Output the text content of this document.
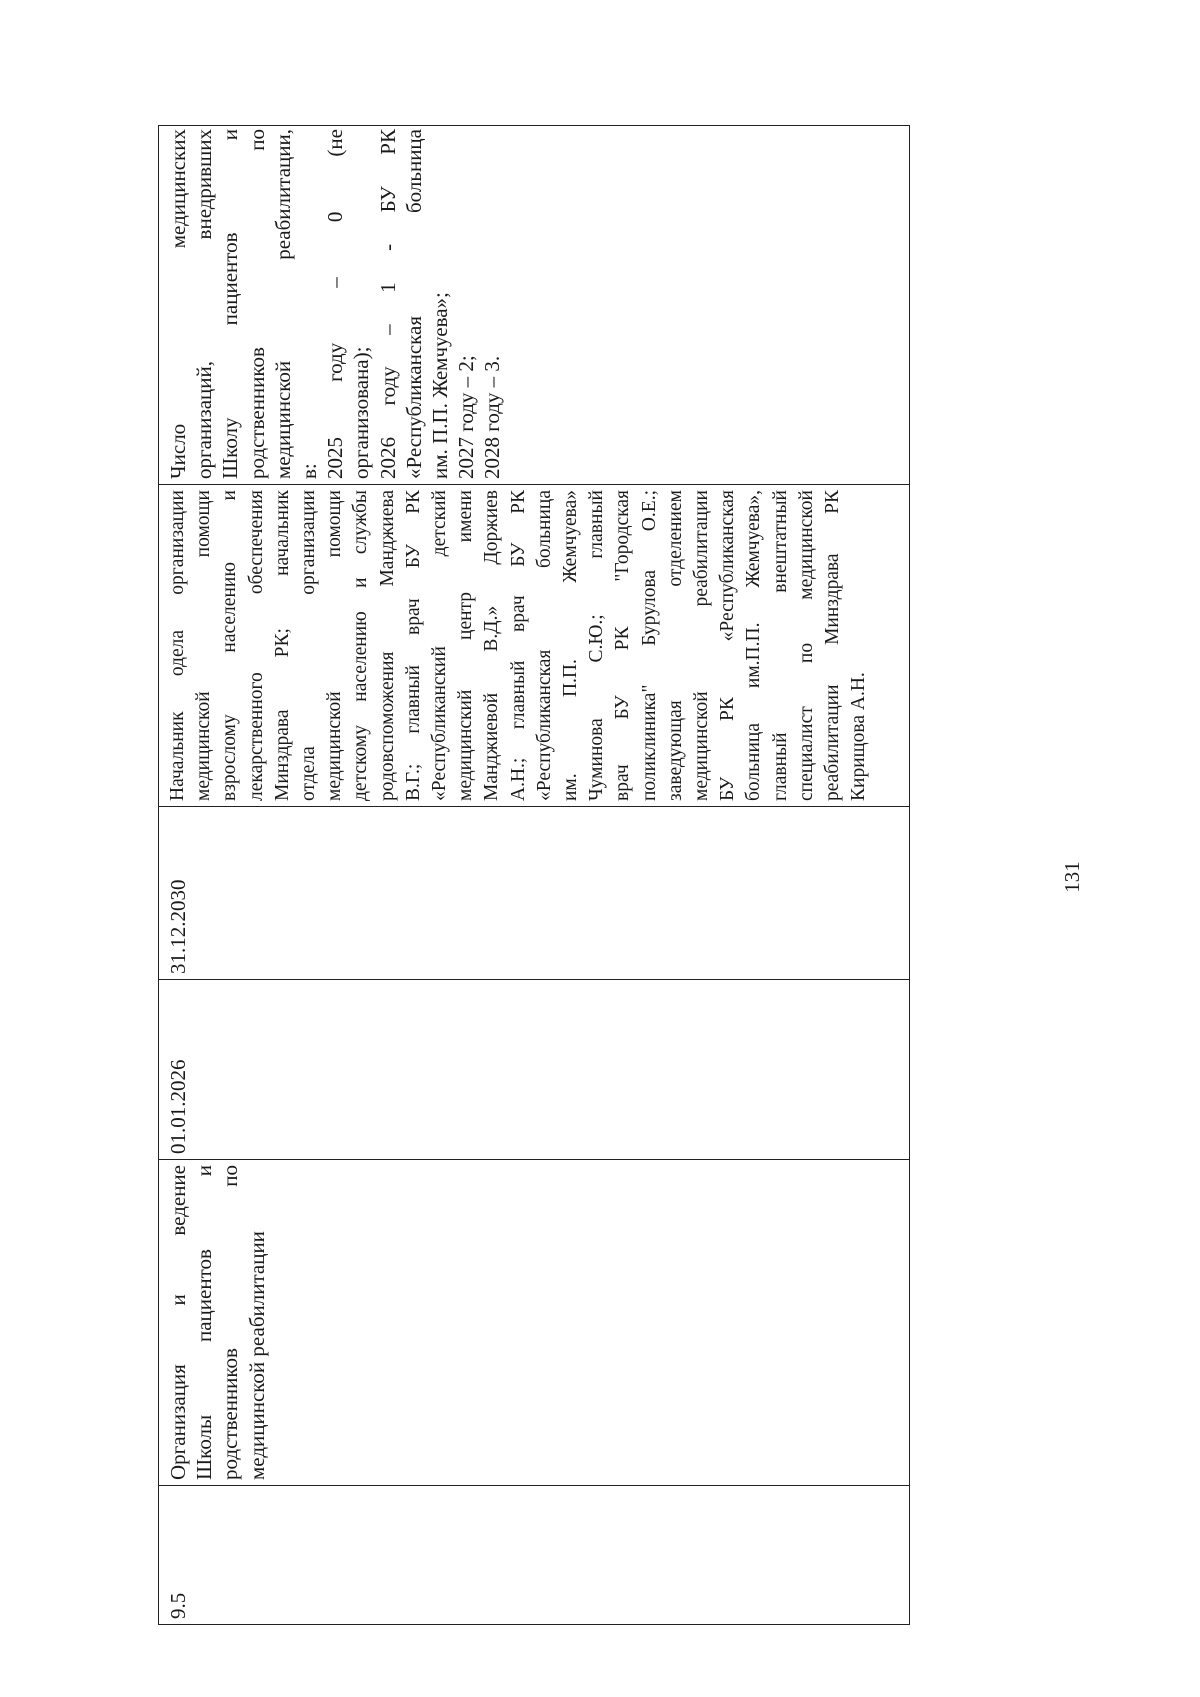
9.5
Организация и ведение Школы пациентов и родственников по медицинской реабилитации
01.01.2026
31.12.2030
Начальник одела организации медицинской помощи взрослому населению и лекарственного обеспечения Минздрава РК; начальник отдела организации медицинской помощи детскому населению и службы родовспоможения Манджиева В.Г.; главный врач БУ РК «Республиканский детский медицинский центр имени Манджиевой В.Д.» Доржиев А.Н.; главный врач БУ РК «Республиканская больница им. П.П. Жемчуева» Чуминова С.Ю.; главный врач БУ РК "Городская поликлиника" Бурулова О.Е.; заведующая отделением медицинской реабилитации БУ РК «Республиканская больница им.П.П. Жемчуева», главный внештатный специалист по медицинской реабилитации Минздрава РК Кирищова А.Н.
Число медицинских организаций, внедривших Школу пациентов и родственников по медицинской реабилитации, в: 2025 году – 0 (не организована); 2026 году – 1 - БУ РК «Республиканская больница им. П.П. Жемчуева»; 2027 году – 2; 2028 году – 3.
131
